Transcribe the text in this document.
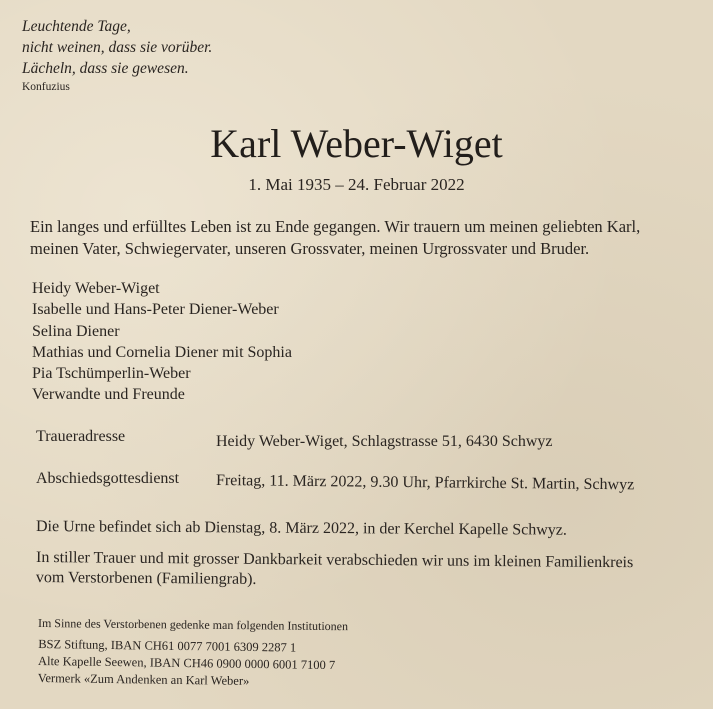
Leuchtende Tage,
nicht weinen, dass sie vorüber.
Lächeln, dass sie gewesen.
Konfuzius
Karl Weber-Wiget
1. Mai 1935 – 24. Februar 2022
Ein langes und erfülltes Leben ist zu Ende gegangen. Wir trauern um meinen geliebten Karl,
meinen Vater, Schwiegervater, unseren Grossvater, meinen Urgrossvater und Bruder.
Heidy Weber-Wiget
Isabelle und Hans-Peter Diener-Weber
Selina Diener
Mathias und Cornelia Diener mit Sophia
Pia Tschümperlin-Weber
Verwandte und Freunde
Traueradresse	Heidy Weber-Wiget, Schlagstrasse 51, 6430 Schwyz
Abschiedsgottesdienst Freitag, 11. März 2022, 9.30 Uhr, Pfarrkirche St. Martin, Schwyz
Die Urne befindet sich ab Dienstag, 8. März 2022, in der Kerchel Kapelle Schwyz.
In stiller Trauer und mit grosser Dankbarkeit verabschieden wir uns im kleinen Familienkreis
vom Verstorbenen (Familiengrab).
Im Sinne des Verstorbenen gedenke man folgenden Institutionen
BSZ Stiftung, IBAN CH61 0077 7001 6309 2287 1
Alte Kapelle Seewen, IBAN CH46 0900 0000 6001 7100 7
Vermerk «Zum Andenken an Karl Weber»
